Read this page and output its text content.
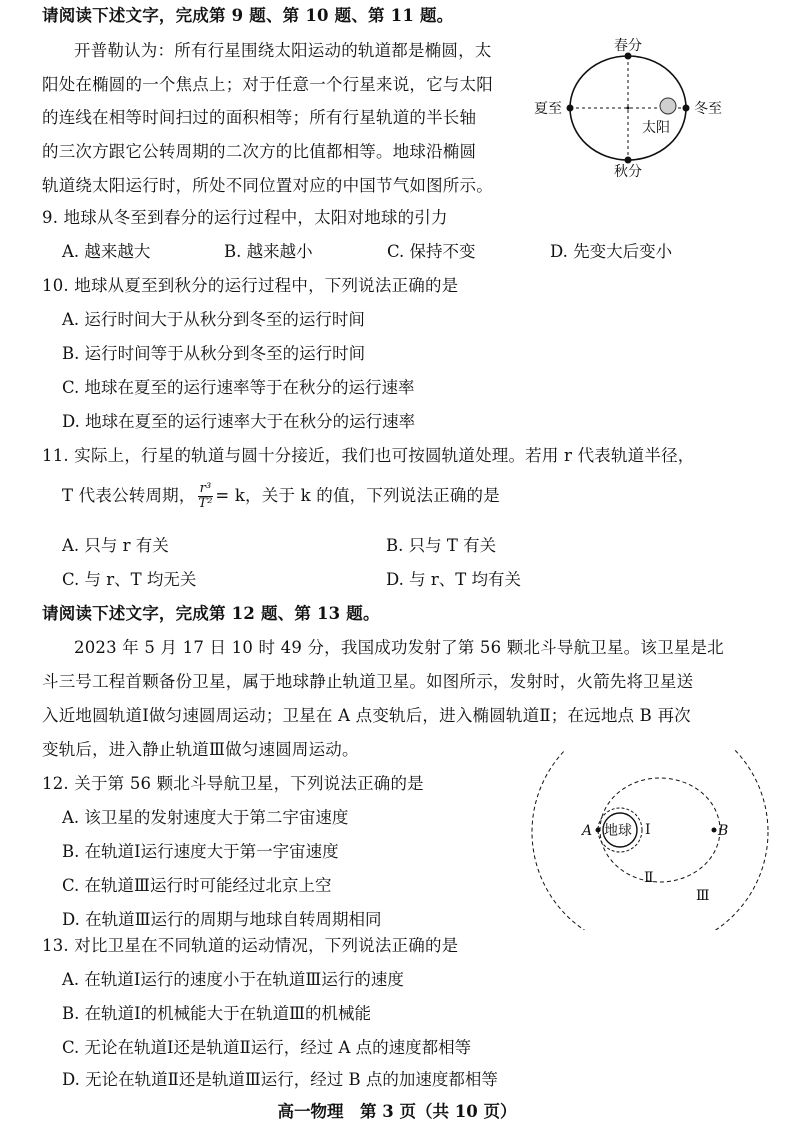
请阅读下述文字，完成第 9 题、第 10 题、第 11 题。
开普勒认为：所有行星围绕太阳运动的轨道都是椭圆，太
阳处在椭圆的一个焦点上；对于任意一个行星来说，它与太阳
的连线在相等时间扫过的面积相等；所有行星轨道的半长轴
的三次方跟它公转周期的二次方的比值都相等。地球沿椭圆
轨道绕太阳运行时，所处不同位置对应的中国节气如图所示。
春分
秋分
夏至	冬至
太阳
9. 地球从冬至到春分的运行过程中，太阳对地球的引力
A. 越来越大	B. 越来越小	C. 保持不变	D. 先变大后变小
10. 地球从夏至到秋分的运行过程中，下列说法正确的是
A. 运行时间大于从秋分到冬至的运行时间
B. 运行时间等于从秋分到冬至的运行时间
C. 地球在夏至的运行速率等于在秋分的运行速率
D. 地球在夏至的运行速率大于在秋分的运行速率
11. 实际上，行星的轨道与圆十分接近，我们也可按圆轨道处理。若用 r 代表轨道半径，
T 代表公转周期， $\frac{\text{r³}}{\text{T²}} = k$，关于 k 的值，下列说法正确的是
A. 只与 r 有关	B. 只与 T 有关
C. 与 r、T 均无关	D. 与 r、T 均有关
请阅读下述文字，完成第 12 题、第 13 题。
2023 年 5 月 17 日 10 时 49 分，我国成功发射了第 56 颗北斗导航卫星。该卫星是北
斗三号工程首颗备份卫星，属于地球静止轨道卫星。如图所示，发射时，火箭先将卫星送
入近地圆轨道Ⅰ做匀速圆周运动；卫星在 A 点变轨后，进入椭圆轨道Ⅱ；在远地点 B 再次
变轨后，进入静止轨道Ⅲ做匀速圆周运动。
地球
A	B
Ⅰ
Ⅱ
Ⅲ
12. 关于第 56 颗北斗导航卫星，下列说法正确的是
A. 该卫星的发射速度大于第二宇宙速度
B. 在轨道Ⅰ运行速度大于第一宇宙速度
C. 在轨道Ⅲ运行时可能经过北京上空
D. 在轨道Ⅲ运行的周期与地球自转周期相同
13. 对比卫星在不同轨道的运动情况，下列说法正确的是
A. 在轨道Ⅰ运行的速度小于在轨道Ⅲ运行的速度
B. 在轨道Ⅰ的机械能大于在轨道Ⅲ的机械能
C. 无论在轨道Ⅰ还是轨道Ⅱ运行，经过 A 点的速度都相等
D. 无论在轨道Ⅱ还是轨道Ⅲ运行，经过 B 点的加速度都相等
高一物理　第 3 页（共 10 页）
